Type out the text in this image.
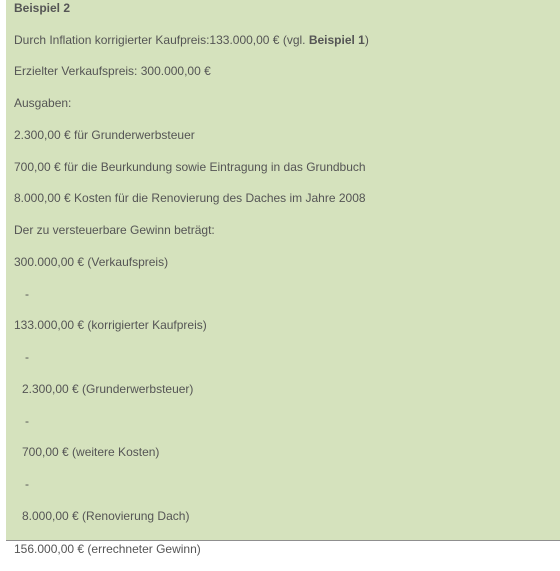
Beispiel 2
Durch Inflation korrigierter Kaufpreis:133.000,00 € (vgl. Beispiel 1)
Erzielter Verkaufspreis: 300.000,00 €
Ausgaben:
2.300,00 € für Grunderwerbsteuer
700,00 € für die Beurkundung sowie Eintragung in das Grundbuch
8.000,00 € Kosten für die Renovierung des Daches im Jahre 2008
Der zu versteuerbare Gewinn beträgt:
300.000,00 € (Verkaufspreis)
-
133.000,00 € (korrigierter Kaufpreis)
-
2.300,00 € (Grunderwerbsteuer)
-
700,00 € (weitere Kosten)
-
8.000,00 € (Renovierung Dach)
156.000,00 € (errechneter Gewinn)
